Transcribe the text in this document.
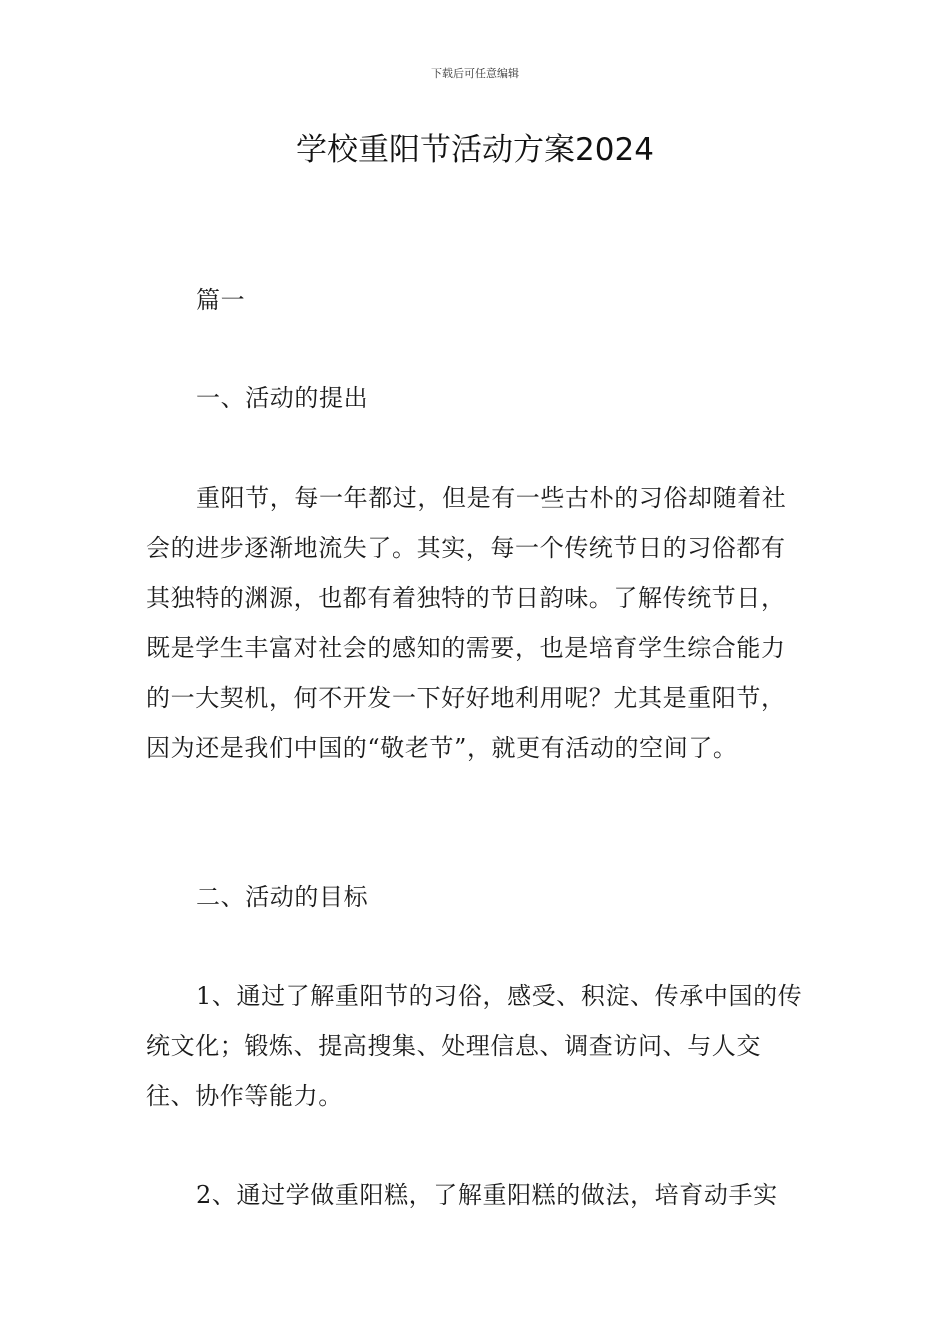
下载后可任意编辑
学校重阳节活动方案2024

篇一

一、活动的提出

重阳节，每一年都过，但是有一些古朴的习俗却随着社会的进步逐渐地流失了。其实，每一个传统节日的习俗都有其独特的渊源，也都有着独特的节日韵味。了解传统节日，既是学生丰富对社会的感知的需要，也是培育学生综合能力的一大契机，何不开发一下好好地利用呢？尤其是重阳节，因为还是我们中国的“敬老节”，就更有活动的空间了。

二、活动的目标

1、通过了解重阳节的习俗，感受、积淀、传承中国的传统文化；锻炼、提高搜集、处理信息、调查访问、与人交往、协作等能力。

2、通过学做重阳糕，了解重阳糕的做法，培育动手实
